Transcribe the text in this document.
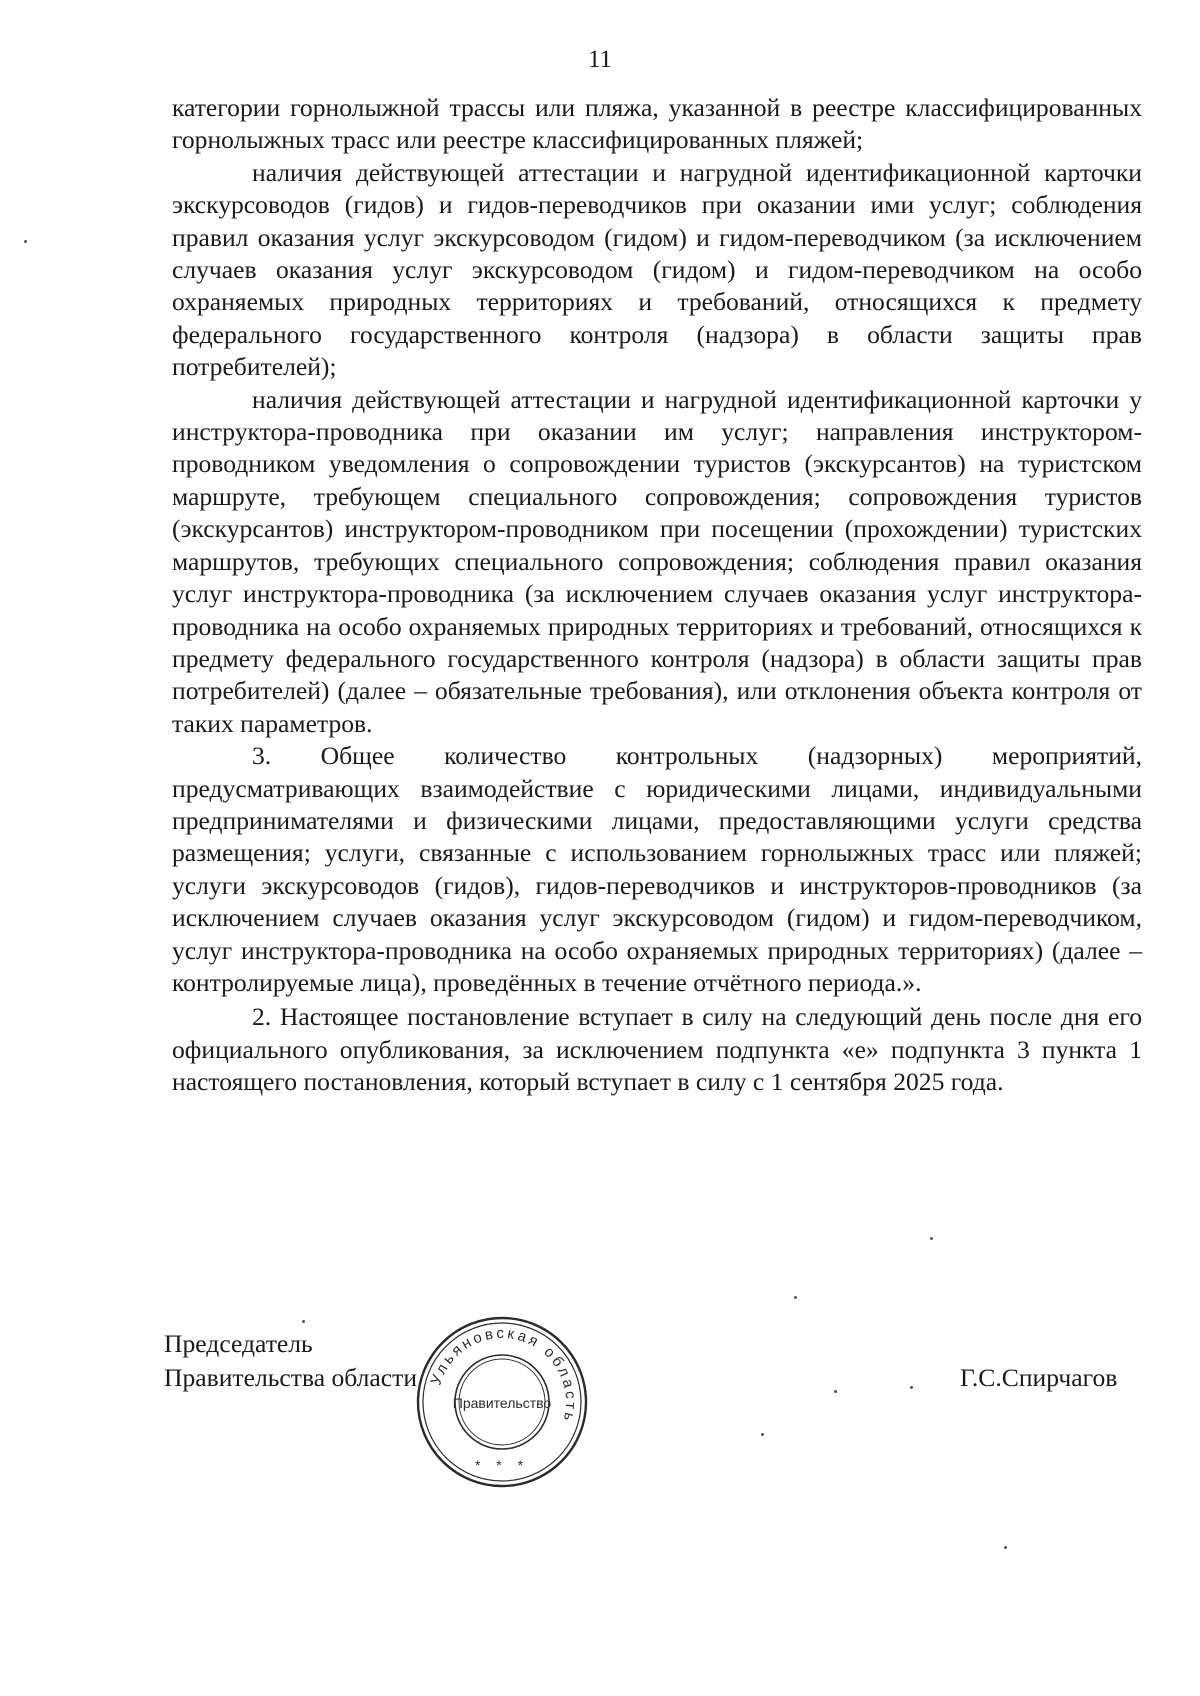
11

категории горнолыжной трассы или пляжа, указанной в реестре классифицированных горнолыжных трасс или реестре классифицированных пляжей;

наличия действующей аттестации и нагрудной идентификационной карточки экскурсоводов (гидов) и гидов-переводчиков при оказании ими услуг; соблюдения правил оказания услуг экскурсоводом (гидом) и гидом-переводчиком (за исключением случаев оказания услуг экскурсоводом (гидом) и гидом-переводчиком на особо охраняемых природных территориях и требований, относящихся к предмету федерального государственного контроля (надзора) в области защиты прав потребителей);

наличия действующей аттестации и нагрудной идентификационной карточки у инструктора-проводника при оказании им услуг; направления инструктором-проводником уведомления о сопровождении туристов (экскурсантов) на туристском маршруте, требующем специального сопровождения; сопровождения туристов (экскурсантов) инструктором-проводником при посещении (прохождении) туристских маршрутов, требующих специального сопровождения; соблюдения правил оказания услуг инструктора-проводника (за исключением случаев оказания услуг инструктора-проводника на особо охраняемых природных территориях и требований, относящихся к предмету федерального государственного контроля (надзора) в области защиты прав потребителей) (далее – обязательные требования), или отклонения объекта контроля от таких параметров.

3. Общее количество контрольных (надзорных) мероприятий, предусматривающих взаимодействие с юридическими лицами, индивидуальными предпринимателями и физическими лицами, предоставляющими услуги средства размещения; услуги, связанные с использованием горнолыжных трасс или пляжей; услуги экскурсоводов (гидов), гидов-переводчиков и инструкторов-проводников (за исключением случаев оказания услуг экскурсоводом (гидом) и гидом-переводчиком, услуг инструктора-проводника на особо охраняемых природных территориях) (далее – контролируемые лица), проведённых в течение отчётного периода.».

2. Настоящее постановление вступает в силу на следующий день после дня его официального опубликования, за исключением подпункта «е» подпункта 3 пункта 1 настоящего постановления, который вступает в силу с 1 сентября 2025 года.

Председатель
Правительства области	Г.С.Спирчагов
Ульяновская область
Правительство
* * *
